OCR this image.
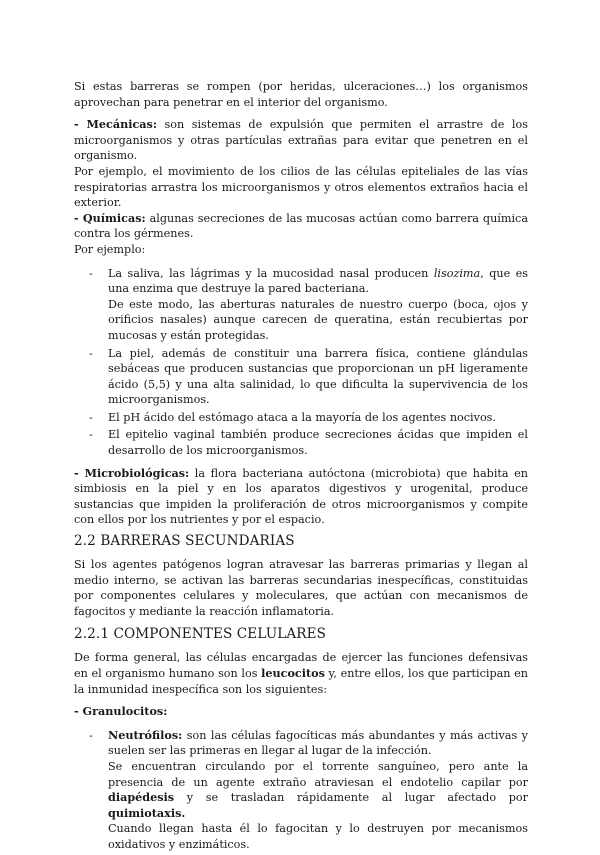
Si estas barreras se rompen (por heridas, ulceraciones…) los organismos aprovechan para penetrar en el interior del organismo.

- Mecánicas: son sistemas de expulsión que permiten el arrastre de los microorganismos y otras partículas extrañas para evitar que penetren en el organismo.

Por ejemplo, el movimiento de los cilios de las células epiteliales de las vías respiratorias arrastra los microorganismos y otros elementos extraños hacia el exterior.

- Químicas: algunas secreciones de las mucosas actúan como barrera química contra los gérmenes.

Por ejemplo:

- La saliva, las lágrimas y la mucosidad nasal producen lisozima, que es una enzima que destruye la pared bacteriana.

De este modo, las aberturas naturales de nuestro cuerpo (boca, ojos y orificios nasales) aunque carecen de queratina, están recubiertas por mucosas y están protegidas.

- La piel, además de constituir una barrera física, contiene glándulas sebáceas que producen sustancias que proporcionan un pH ligeramente ácido (5,5) y una alta salinidad, lo que dificulta la supervivencia de los microorganismos.

- El pH ácido del estómago ataca a la mayoría de los agentes nocivos.

- El epitelio vaginal también produce secreciones ácidas que impiden el desarrollo de los microorganismos.

- Microbiológicas: la flora bacteriana autóctona (microbiota) que habita en simbiosis en la piel y en los aparatos digestivos y urogenital, produce sustancias que impiden la proliferación de otros microorganismos y compite con ellos por los nutrientes y por el espacio.

2.2 BARRERAS SECUNDARIAS

Si los agentes patógenos logran atravesar las barreras primarias y llegan al medio interno, se activan las barreras secundarias inespecíficas, constituidas por componentes celulares y moleculares, que actúan con mecanismos de fagocitos y mediante la reacción inflamatoria.

2.2.1 COMPONENTES CELULARES

De forma general, las células encargadas de ejercer las funciones defensivas en el organismo humano son los leucocitos y, entre ellos, los que participan en la inmunidad inespecífica son los siguientes:

- Granulocitos:

- Neutrófilos: son las células fagocíticas más abundantes y más activas y suelen ser las primeras en llegar al lugar de la infección.

Se encuentran circulando por el torrente sanguíneo, pero ante la presencia de un agente extraño atraviesan el endotelio capilar por diapédesis y se trasladan rápidamente al lugar afectado por quimiotaxis.

Cuando llegan hasta él lo fagocitan y lo destruyen por mecanismos oxidativos y enzimáticos.
